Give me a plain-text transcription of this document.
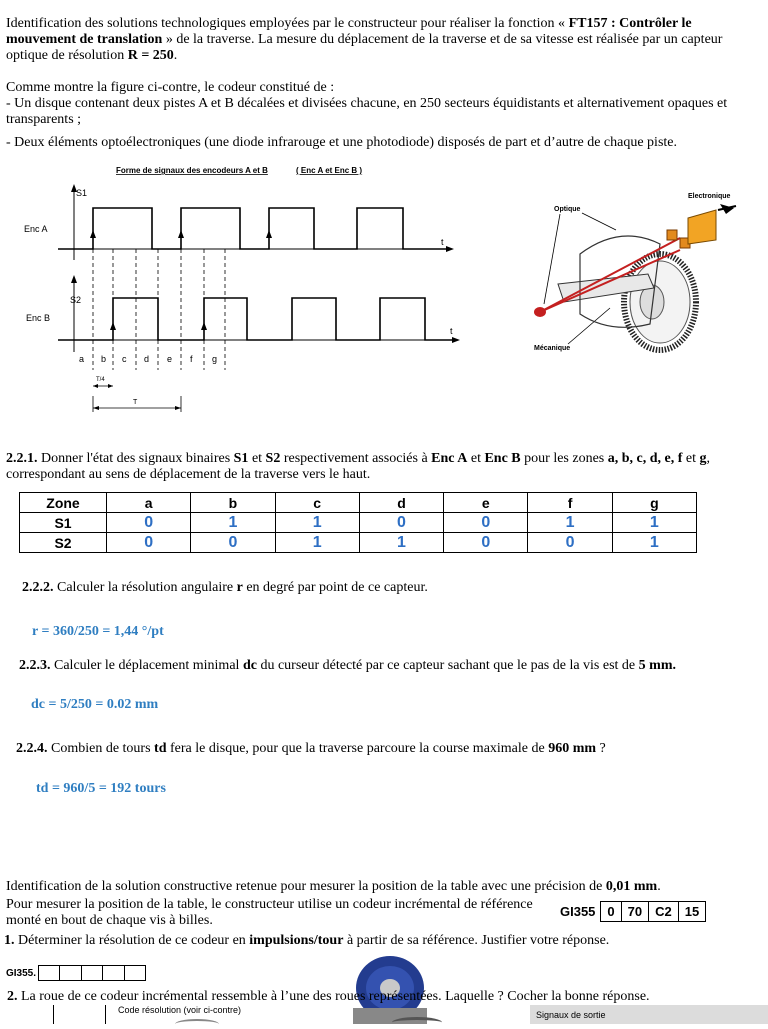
Identification des solutions technologiques employées par le constructeur pour réaliser la fonction « FT157 : Contrôler le mouvement de translation » de la traverse. La mesure du déplacement de la traverse et de sa vitesse est réalisée par un capteur optique de résolution R = 250.
Comme montre la figure ci-contre, le codeur constitué de :
- Un disque contenant deux pistes A et B décalées et divisées chacune, en 250 secteurs équidistants et alternativement opaques et transparents ;
- Deux éléments optoélectroniques (une diode infrarouge et une photodiode) disposés de part et d’autre de chaque piste.
Forme de signaux des encodeurs A et B	( Enc A et Enc B )
S1
Enc A
t
S2
Enc B
t
a b c d e f g
T/4
T
Electronique
Optique
Mécanique
2.2.1. Donner l'état des signaux binaires S1 et S2 respectivement associés à Enc A et Enc B pour les zones a, b, c, d, e, f et g, correspondant au sens de déplacement de la traverse vers le haut.
Zone	a	b	c	d	e	f	g
S1	0	1	1	0	0	1	1
S2	0	0	1	1	0	0	1
2.2.2. Calculer la résolution angulaire r en degré par point de ce capteur.
r = 360/250 = 1,44 °/pt
2.2.3. Calculer le déplacement minimal dc du curseur détecté par ce capteur sachant que le pas de la vis est de 5 mm.
dc = 5/250 = 0.02 mm
2.2.4. Combien de tours td fera le disque, pour que la traverse parcoure la course maximale de 960 mm ?
td = 960/5 = 192 tours
Identification de la solution constructive retenue pour mesurer la position de la table avec une précision de 0,01 mm.
Pour mesurer la position de la table, le constructeur utilise un codeur incrémental de référence
monté en bout de chaque vis à billes.
GI355 0 70 C2 15
1. Déterminer la résolution de ce codeur en impulsions/tour à partir de sa référence. Justifier votre réponse.
GI355.
2. La roue de ce codeur incrémental ressemble à l’une des roues représentées. Laquelle ? Cocher la bonne réponse.
Code résolution (voir ci-contre)	Signaux de sortie
